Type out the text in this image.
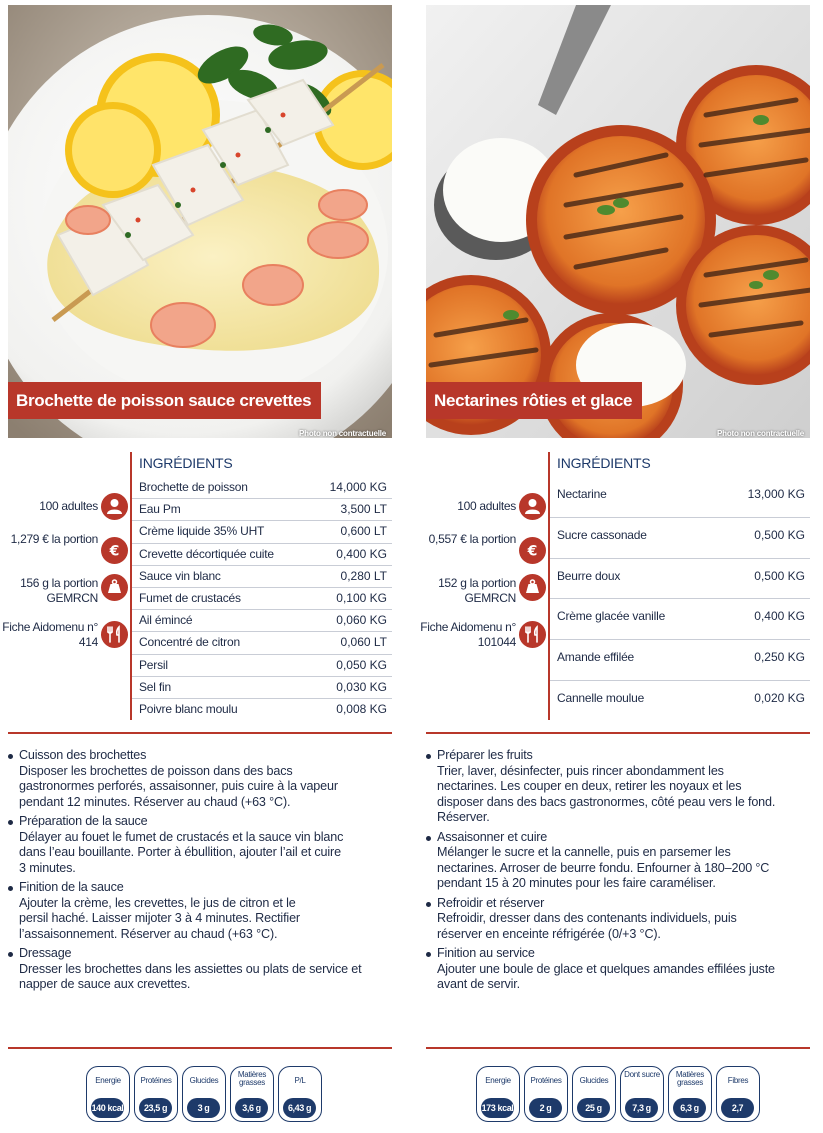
Brochette de poisson sauce crevettes
Photo non contractuelle
100 adultes
1,279 € la portion
€
156 g la portion GEMRCN
Fiche Aidomenu n° 414
INGRÉDIENTS
Brochette de poisson	14,000 KG
Eau Pm	3,500 LT
Crème liquide 35% UHT	0,600 LT
Crevette décortiquée cuite	0,400 KG
Sauce vin blanc	0,280 LT
Fumet de crustacés	0,100 KG
Ail émincé	0,060 KG
Concentré de citron	0,060 LT
Persil	0,050 KG
Sel fin	0,030 KG
Poivre blanc moulu	0,008 KG
Cuisson des brochettes
Disposer les brochettes de poisson dans des bacs
gastronormes perforés, assaisonner, puis cuire à la vapeur
pendant 12 minutes. Réserver au chaud (+63 °C).
Préparation de la sauce
Délayer au fouet le fumet de crustacés et la sauce vin blanc
dans l’eau bouillante. Porter à ébullition, ajouter l’ail et cuire
3 minutes.
Finition de la sauce
Ajouter la crème, les crevettes, le jus de citron et le
persil haché. Laisser mijoter 3 à 4 minutes. Rectifier
l’assaisonnement. Réserver au chaud (+63 °C).
Dressage
Dresser les brochettes dans les assiettes ou plats de service et
napper de sauce aux crevettes.
Energie
140 kcal
Protéines
23,5 g
Glucides
3 g
Matières grasses
3,6 g
P/L
6,43 g
Nectarines rôties et glace
Photo non contractuelle
100 adultes
0,557 € la portion
€
152 g la portion GEMRCN
Fiche Aidomenu n° 101044
INGRÉDIENTS
Nectarine	13,000 KG
Sucre cassonade	0,500 KG
Beurre doux	0,500 KG
Crème glacée vanille	0,400 KG
Amande effilée	0,250 KG
Cannelle moulue	0,020 KG
Préparer les fruits
Trier, laver, désinfecter, puis rincer abondamment les
nectarines. Les couper en deux, retirer les noyaux et les
disposer dans des bacs gastronormes, côté peau vers le fond.
Réserver.
Assaisonner et cuire
Mélanger le sucre et la cannelle, puis en parsemer les
nectarines. Arroser de beurre fondu. Enfourner à 180–200 °C
pendant 15 à 20 minutes pour les faire caraméliser.
Refroidir et réserver
Refroidir, dresser dans des contenants individuels, puis
réserver en enceinte réfrigérée (0/+3 °C).
Finition au service
Ajouter une boule de glace et quelques amandes effilées juste
avant de servir.
Energie
173 kcal
Protéines
2 g
Glucides
25 g
Dont sucre
7,3 g
Matières grasses
6,3 g
Fibres
2,7
